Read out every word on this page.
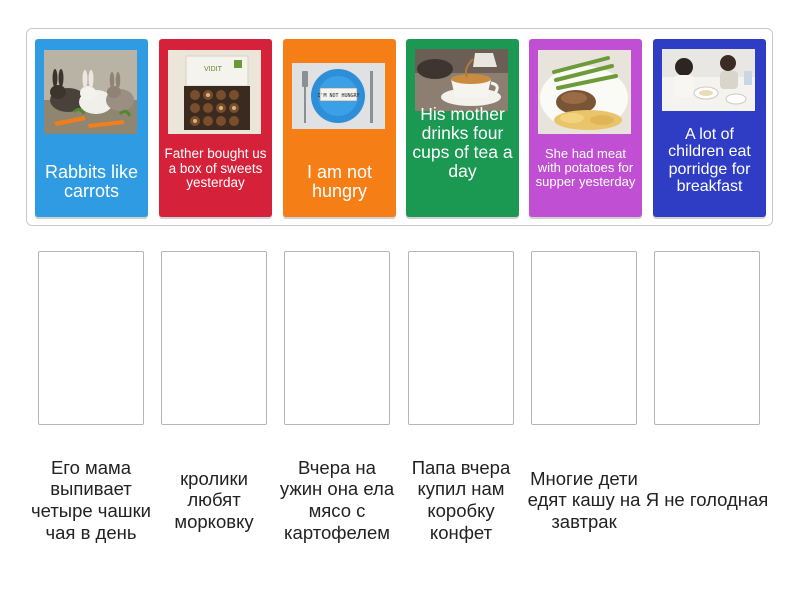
Rabbits like carrots
VIDIT
Father bought us a box of sweets yesterday
I'M NOT HUNGRY
I am not hungry
His mother drinks four cups of tea a day
She had meat with potatoes for supper yesterday
A lot of children eat porridge for breakfast
Его мама выпивает четыре чашки чая в день
кролики любят морковку
Вчера на ужин она ела мясо с картофелем
Папа вчера купил нам коробку конфет
Многие дети едят кашу на завтрак
Я не голодная
